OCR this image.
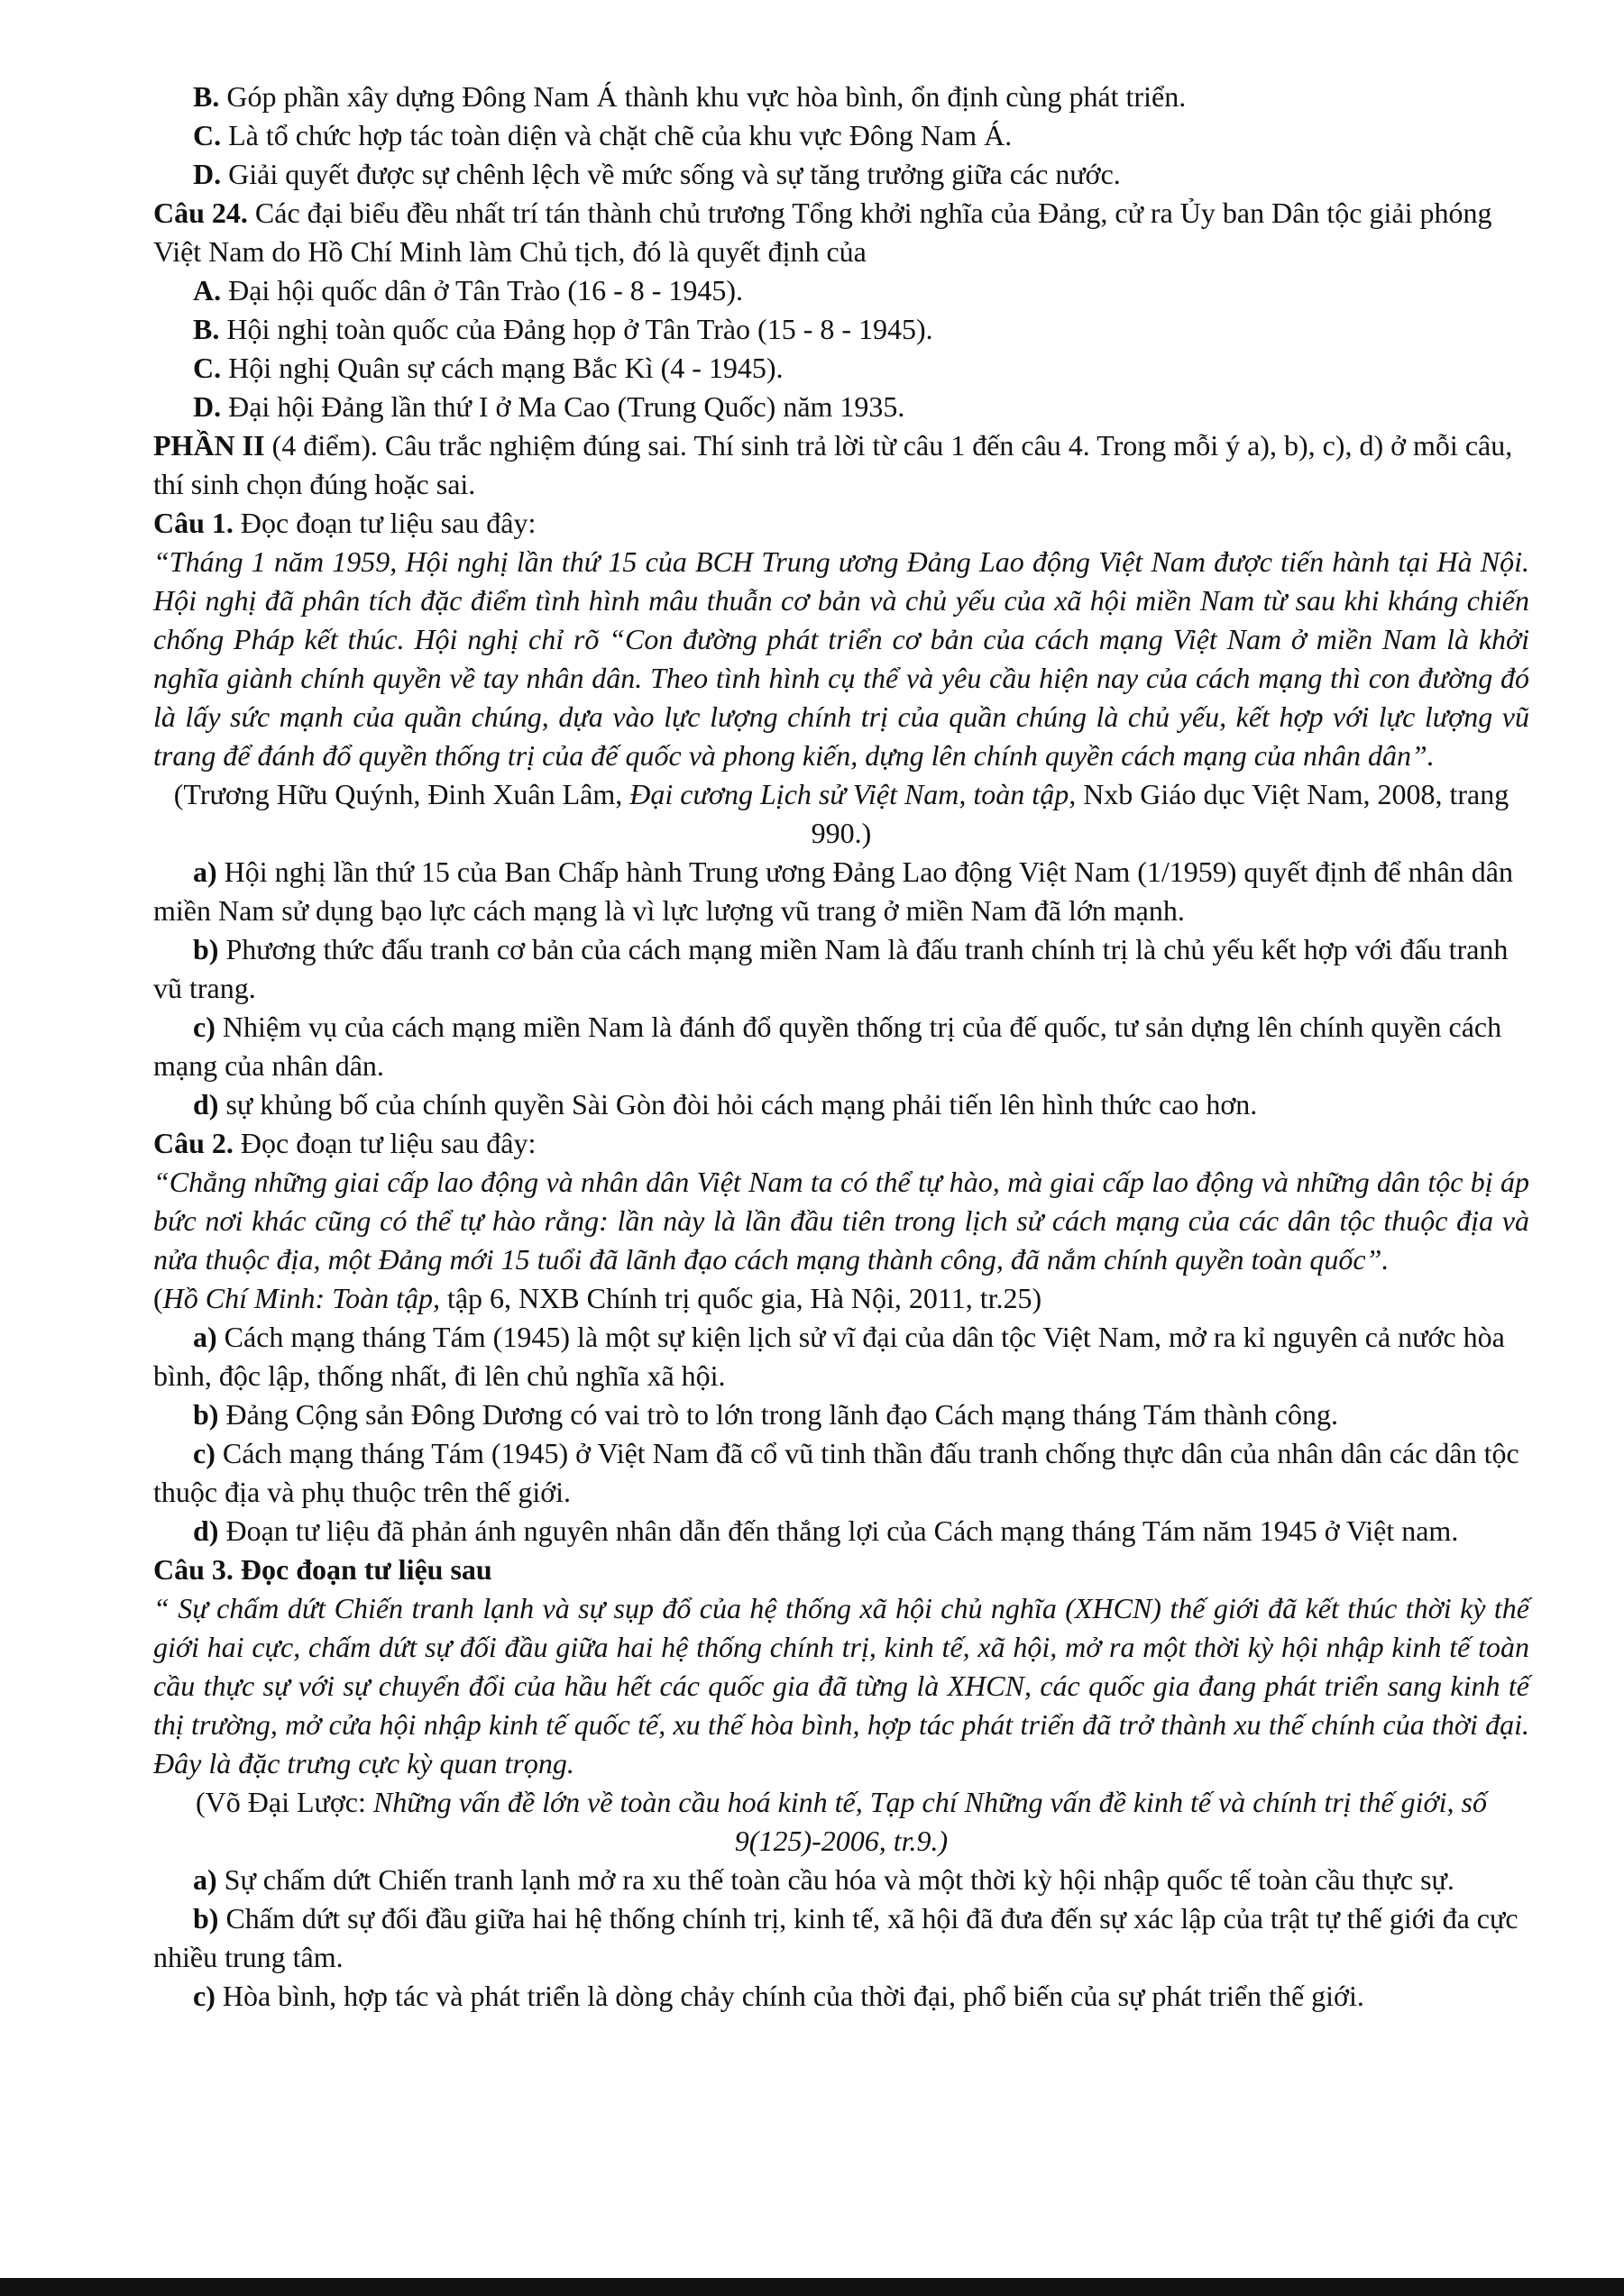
B. Góp phần xây dựng Đông Nam Á thành khu vực hòa bình, ổn định cùng phát triển.

C. Là tổ chức hợp tác toàn diện và chặt chẽ của khu vực Đông Nam Á.

D. Giải quyết được sự chênh lệch về mức sống và sự tăng trưởng giữa các nước.

Câu 24. Các đại biểu đều nhất trí tán thành chủ trương Tổng khởi nghĩa của Đảng, cử ra Ủy ban Dân tộc giải phóng Việt Nam do Hồ Chí Minh làm Chủ tịch, đó là quyết định của

A. Đại hội quốc dân ở Tân Trào (16 - 8 - 1945).

B. Hội nghị toàn quốc của Đảng họp ở Tân Trào (15 - 8 - 1945).

C. Hội nghị Quân sự cách mạng Bắc Kì (4 - 1945).

D. Đại hội Đảng lần thứ I ở Ma Cao (Trung Quốc) năm 1935.

PHẦN II (4 điểm). Câu trắc nghiệm đúng sai. Thí sinh trả lời từ câu 1 đến câu 4. Trong mỗi ý a), b), c), d) ở mỗi câu, thí sinh chọn đúng hoặc sai.

Câu 1. Đọc đoạn tư liệu sau đây:

“Tháng 1 năm 1959, Hội nghị lần thứ 15 của BCH Trung ương Đảng Lao động Việt Nam được tiến hành tại Hà Nội. Hội nghị đã phân tích đặc điểm tình hình mâu thuẫn cơ bản và chủ yếu của xã hội miền Nam từ sau khi kháng chiến chống Pháp kết thúc. Hội nghị chỉ rõ “Con đường phát triển cơ bản của cách mạng Việt Nam ở miền Nam là khởi nghĩa giành chính quyền về tay nhân dân. Theo tình hình cụ thể và yêu cầu hiện nay của cách mạng thì con đường đó là lấy sức mạnh của quần chúng, dựa vào lực lượng chính trị của quần chúng là chủ yếu, kết hợp với lực lượng vũ trang để đánh đổ quyền thống trị của đế quốc và phong kiến, dựng lên chính quyền cách mạng của nhân dân”.

(Trương Hữu Quýnh, Đinh Xuân Lâm, Đại cương Lịch sử Việt Nam, toàn tập, Nxb Giáo dục Việt Nam, 2008, trang 990.)

a) Hội nghị lần thứ 15 của Ban Chấp hành Trung ương Đảng Lao động Việt Nam (1/1959) quyết định để nhân dân miền Nam sử dụng bạo lực cách mạng là vì lực lượng vũ trang ở miền Nam đã lớn mạnh.

b) Phương thức đấu tranh cơ bản của cách mạng miền Nam là đấu tranh chính trị là chủ yếu kết hợp với đấu tranh vũ trang.

c) Nhiệm vụ của cách mạng miền Nam là đánh đổ quyền thống trị của đế quốc, tư sản dựng lên chính quyền cách mạng của nhân dân.

d) sự khủng bố của chính quyền Sài Gòn đòi hỏi cách mạng phải tiến lên hình thức cao hơn.

Câu 2. Đọc đoạn tư liệu sau đây:

“Chẳng những giai cấp lao động và nhân dân Việt Nam ta có thể tự hào, mà giai cấp lao động và những dân tộc bị áp bức nơi khác cũng có thể tự hào rằng: lần này là lần đầu tiên trong lịch sử cách mạng của các dân tộc thuộc địa và nửa thuộc địa, một Đảng mới 15 tuổi đã lãnh đạo cách mạng thành công, đã nắm chính quyền toàn quốc”.

(Hồ Chí Minh: Toàn tập, tập 6, NXB Chính trị quốc gia, Hà Nội, 2011, tr.25)

a) Cách mạng tháng Tám (1945) là một sự kiện lịch sử vĩ đại của dân tộc Việt Nam, mở ra kỉ nguyên cả nước hòa bình, độc lập, thống nhất, đi lên chủ nghĩa xã hội.

b) Đảng Cộng sản Đông Dương có vai trò to lớn trong lãnh đạo Cách mạng tháng Tám thành công.

c) Cách mạng tháng Tám (1945) ở Việt Nam đã cổ vũ tinh thần đấu tranh chống thực dân của nhân dân các dân tộc thuộc địa và phụ thuộc trên thế giới.

d) Đoạn tư liệu đã phản ánh nguyên nhân dẫn đến thắng lợi của Cách mạng tháng Tám năm 1945 ở Việt nam.

Câu 3. Đọc đoạn tư liệu sau

“ Sự chấm dứt Chiến tranh lạnh và sự sụp đổ của hệ thống xã hội chủ nghĩa (XHCN) thế giới đã kết thúc thời kỳ thế giới hai cực, chấm dứt sự đối đầu giữa hai hệ thống chính trị, kinh tế, xã hội, mở ra một thời kỳ hội nhập kinh tế toàn cầu thực sự với sự chuyển đổi của hầu hết các quốc gia đã từng là XHCN, các quốc gia đang phát triển sang kinh tế thị trường, mở cửa hội nhập kinh tế quốc tế, xu thế hòa bình, hợp tác phát triển đã trở thành xu thế chính của thời đại. Đây là đặc trưng cực kỳ quan trọng.

(Võ Đại Lược: Những vấn đề lớn về toàn cầu hoá kinh tế, Tạp chí Những vấn đề kinh tế và chính trị thế giới, số 9(125)-2006, tr.9.)

a) Sự chấm dứt Chiến tranh lạnh mở ra xu thế toàn cầu hóa và một thời kỳ hội nhập quốc tế toàn cầu thực sự.

b) Chấm dứt sự đối đầu giữa hai hệ thống chính trị, kinh tế, xã hội đã đưa đến sự xác lập của trật tự thế giới đa cực nhiều trung tâm.

c) Hòa bình, hợp tác và phát triển là dòng chảy chính của thời đại, phổ biến của sự phát triển thế giới.
